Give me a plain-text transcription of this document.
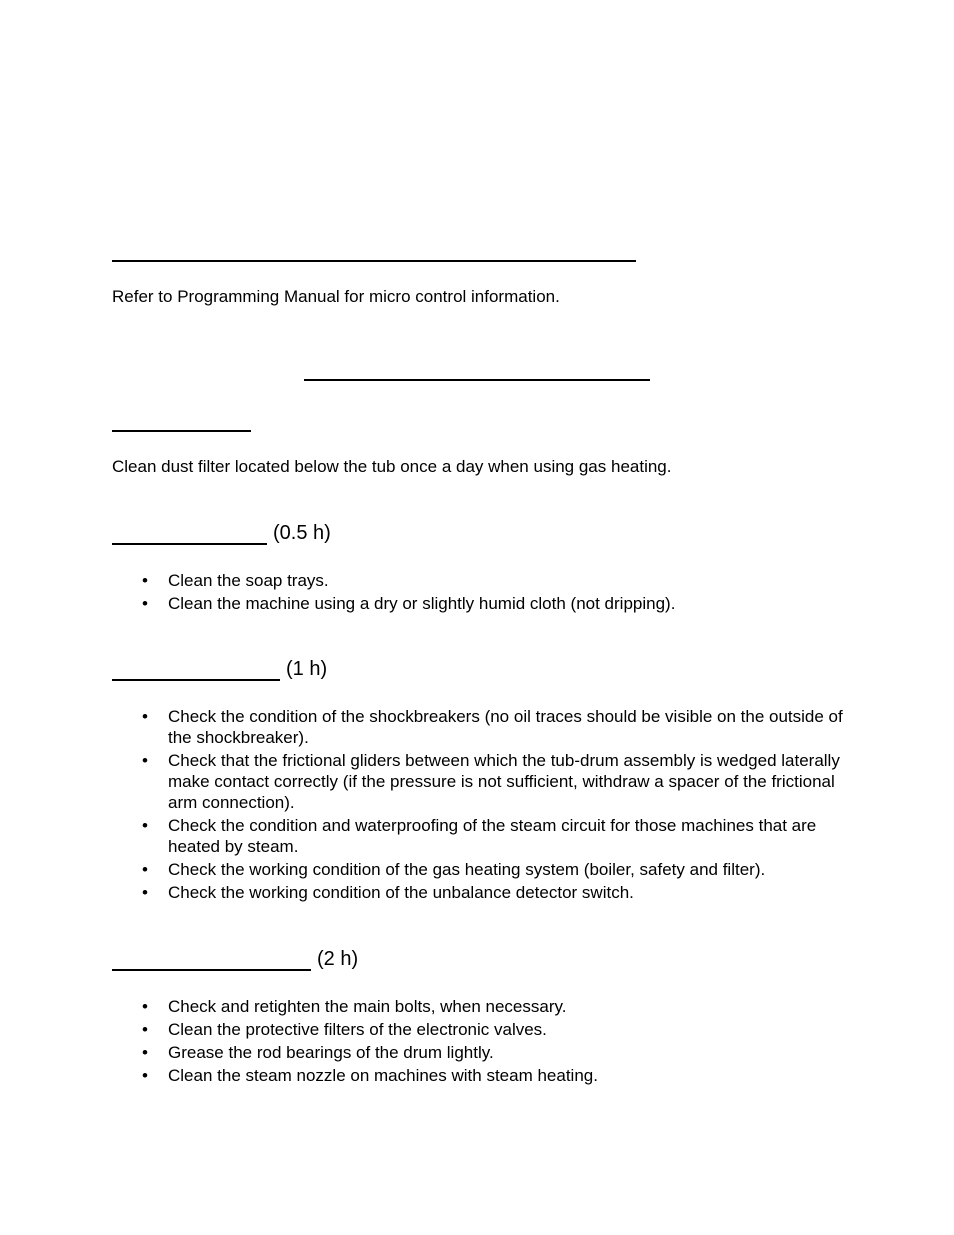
Refer to Programming Manual for micro control information.
Clean dust filter located below the tub once a day when using gas heating.
(0.5 h)
• Clean the soap trays.
• Clean the machine using a dry or slightly humid cloth (not dripping).
(1 h)
• Check the condition of the shockbreakers (no oil traces should be visible on the outside of the shockbreaker).
• Check that the frictional gliders between which the tub-drum assembly is wedged laterally make contact correctly (if the pressure is not sufficient, withdraw a spacer of the frictional arm connection).
• Check the condition and waterproofing of the steam circuit for those machines that are heated by steam.
• Check the working condition of the gas heating system (boiler, safety and filter).
• Check the working condition of the unbalance detector switch.
(2 h)
• Check and retighten the main bolts, when necessary.
• Clean the protective filters of the electronic valves.
• Grease the rod bearings of the drum lightly.
• Clean the steam nozzle on machines with steam heating.
